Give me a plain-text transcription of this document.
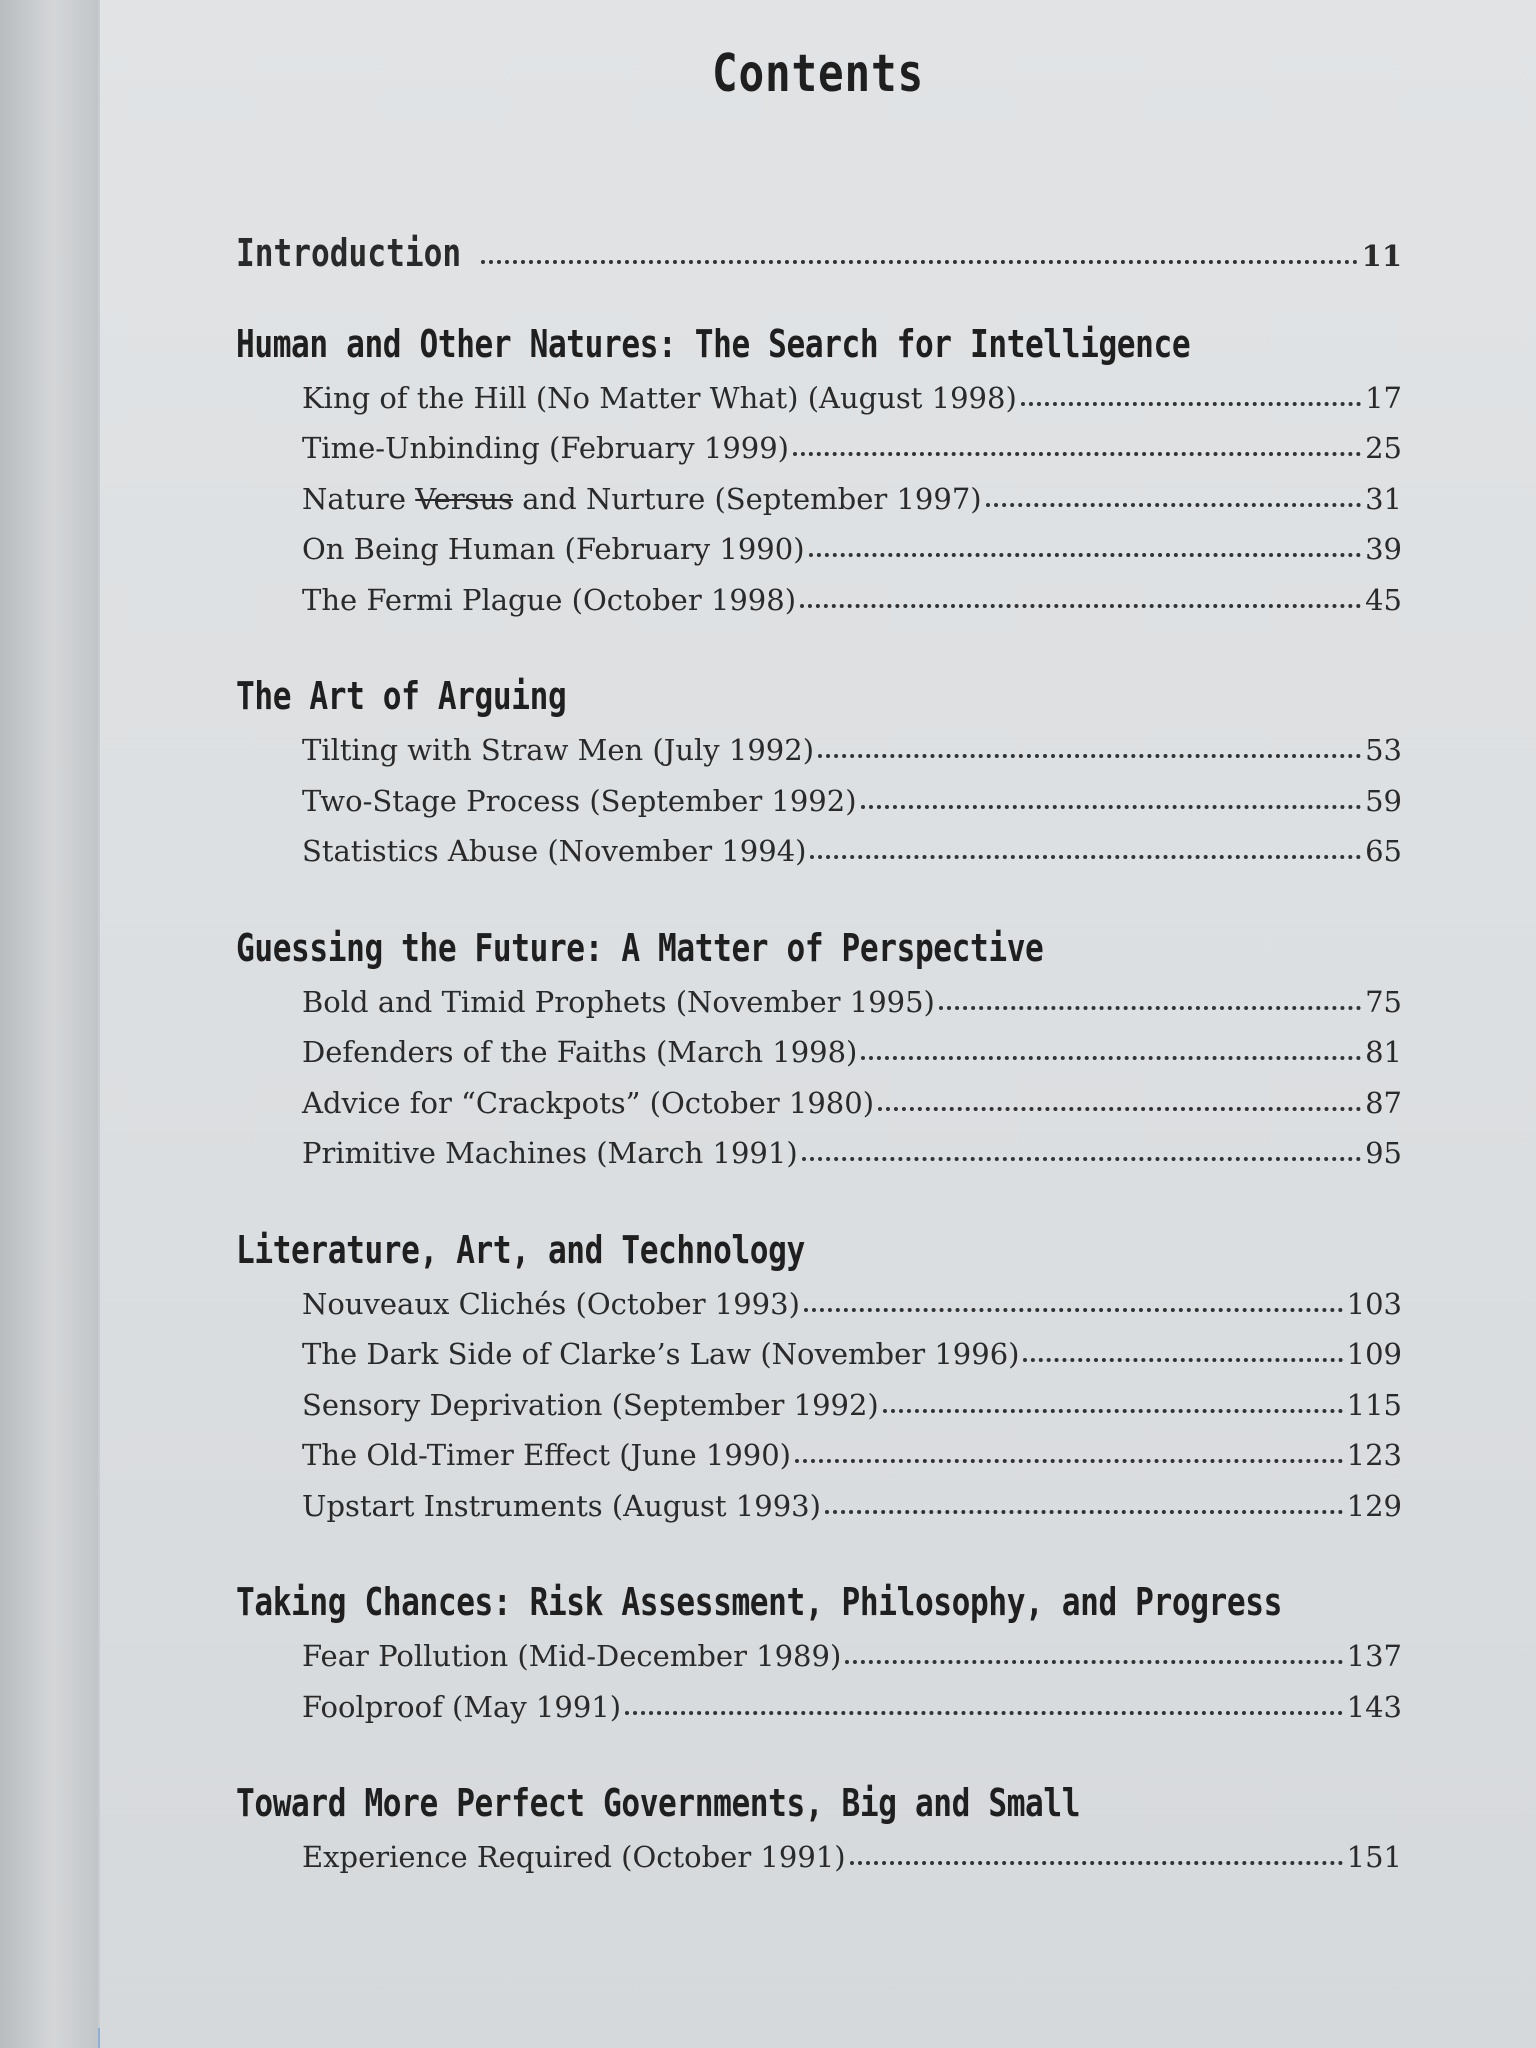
Contents
Introduction	11
Human and Other Natures: The Search for Intelligence
King of the Hill (No Matter What) (August 1998)	17
Time-Unbinding (February 1999)	25
Nature Versus and Nurture (September 1997)	31
On Being Human (February 1990)	39
The Fermi Plague (October 1998)	45
The Art of Arguing
Tilting with Straw Men (July 1992)	53
Two-Stage Process (September 1992)	59
Statistics Abuse (November 1994)	65
Guessing the Future: A Matter of Perspective
Bold and Timid Prophets (November 1995)	75
Defenders of the Faiths (March 1998)	81
Advice for “Crackpots” (October 1980)	87
Primitive Machines (March 1991)	95
Literature, Art, and Technology
Nouveaux Clichés (October 1993)	103
The Dark Side of Clarke’s Law (November 1996)	109
Sensory Deprivation (September 1992)	115
The Old-Timer Effect (June 1990)	123
Upstart Instruments (August 1993)	129
Taking Chances: Risk Assessment, Philosophy, and Progress
Fear Pollution (Mid-December 1989)	137
Foolproof (May 1991)	143
Toward More Perfect Governments, Big and Small
Experience Required (October 1991)	151
